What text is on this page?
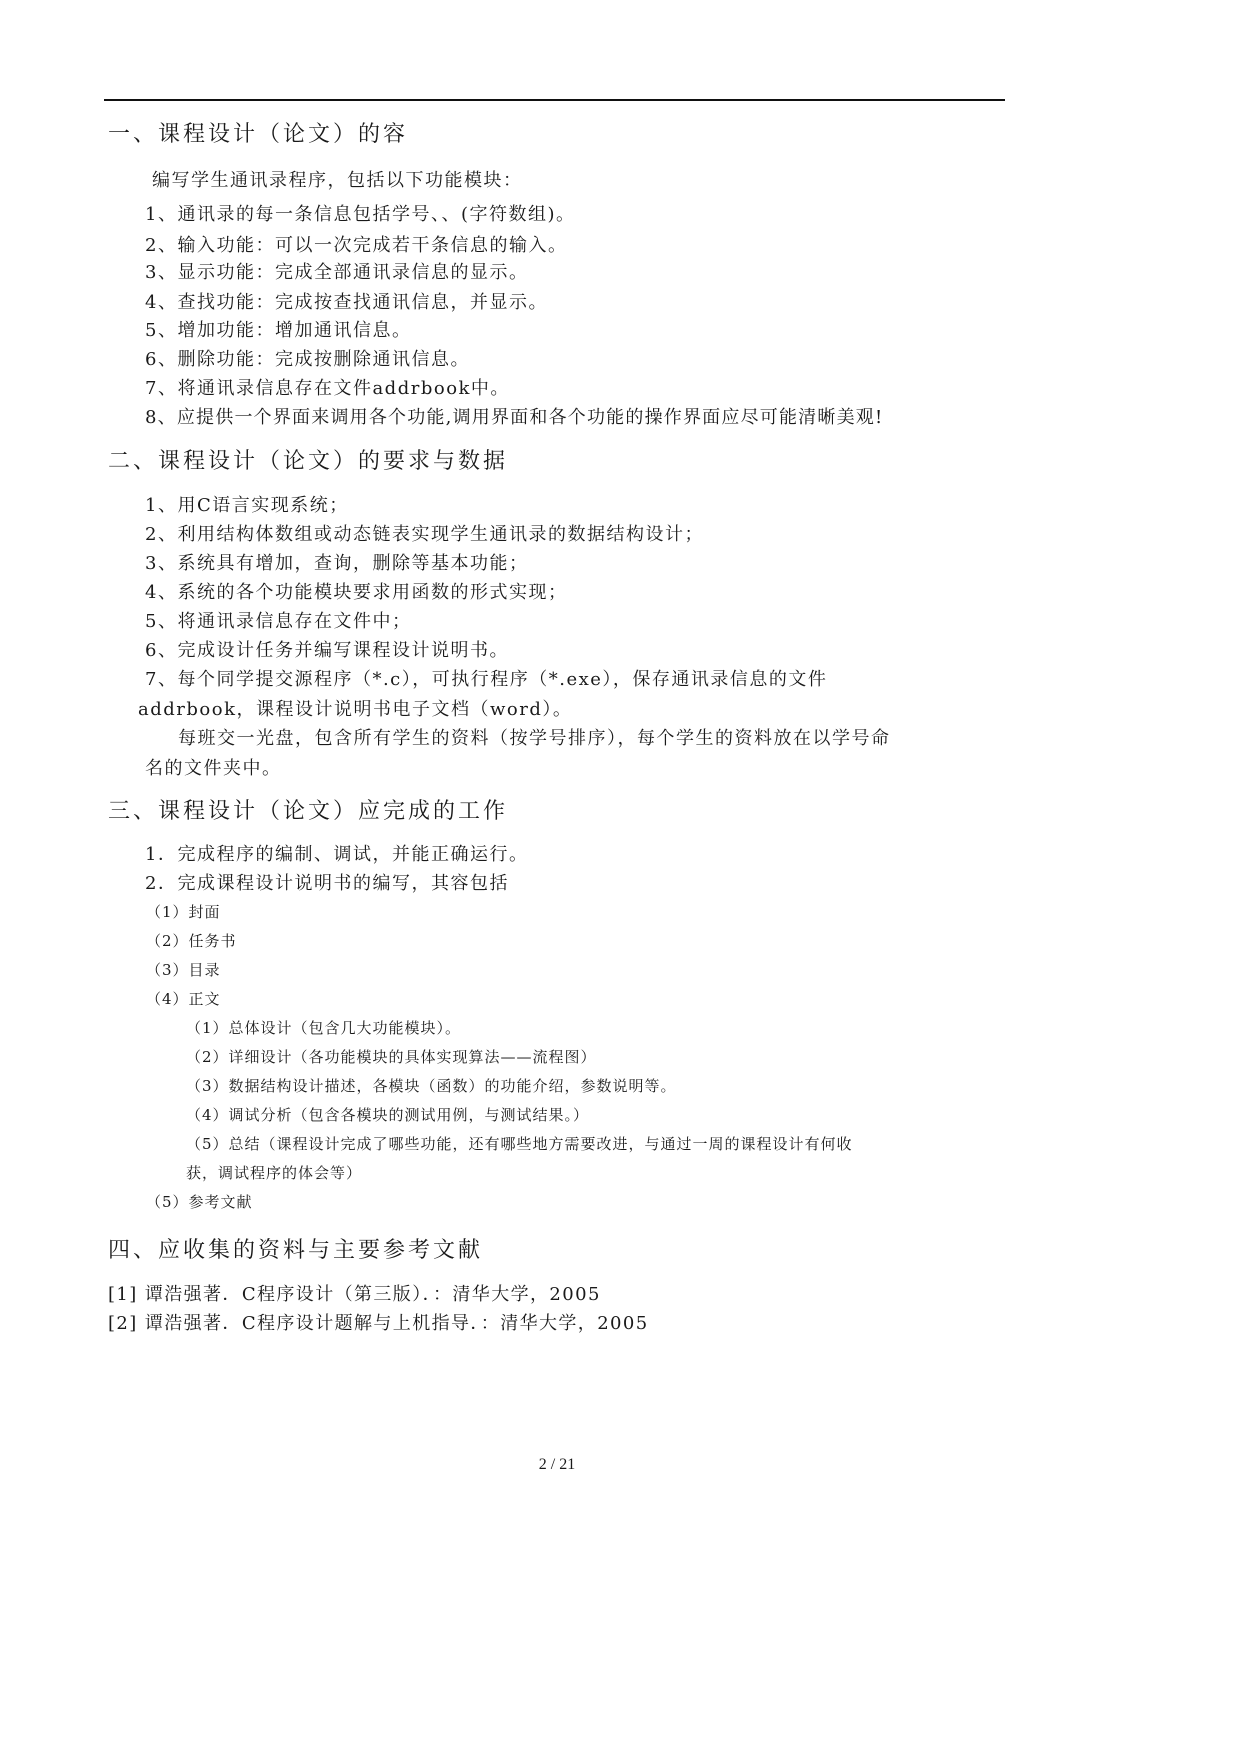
一、课程设计（论文）的容
编写学生通讯录程序，包括以下功能模块：
1、通讯录的每一条信息包括学号、、(字符数组)。
2、输入功能：可以一次完成若干条信息的输入。
3、显示功能：完成全部通讯录信息的显示。
4、查找功能：完成按查找通讯信息，并显示。
5、增加功能：增加通讯信息。
6、删除功能：完成按删除通讯信息。
7、将通讯录信息存在文件addrbook中。
8、应提供一个界面来调用各个功能,调用界面和各个功能的操作界面应尽可能清晰美观!
二、课程设计（论文）的要求与数据
1、用C语言实现系统；
2、利用结构体数组或动态链表实现学生通讯录的数据结构设计；
3、系统具有增加，查询，删除等基本功能；
4、系统的各个功能模块要求用函数的形式实现；
5、将通讯录信息存在文件中；
6、完成设计任务并编写课程设计说明书。
7、每个同学提交源程序（*.c），可执行程序（*.exe），保存通讯录信息的文件
addrbook，课程设计说明书电子文档（word）。
每班交一光盘，包含所有学生的资料（按学号排序），每个学生的资料放在以学号命
名的文件夹中。
三、课程设计（论文）应完成的工作
1．完成程序的编制、调试，并能正确运行。
2．完成课程设计说明书的编写，其容包括
（1）封面
（2）任务书
（3）目录
（4）正文
（1）总体设计（包含几大功能模块）。
（2）详细设计（各功能模块的具体实现算法——流程图）
（3）数据结构设计描述，各模块（函数）的功能介绍，参数说明等。
（4）调试分析（包含各模块的测试用例，与测试结果。）
（5）总结（课程设计完成了哪些功能，还有哪些地方需要改进，与通过一周的课程设计有何收
获，调试程序的体会等）
（5）参考文献
四、应收集的资料与主要参考文献
[1] 谭浩强著．C程序设计（第三版）．：清华大学，2005
[2] 谭浩强著．C程序设计题解与上机指导．：清华大学，2005
2 / 21
